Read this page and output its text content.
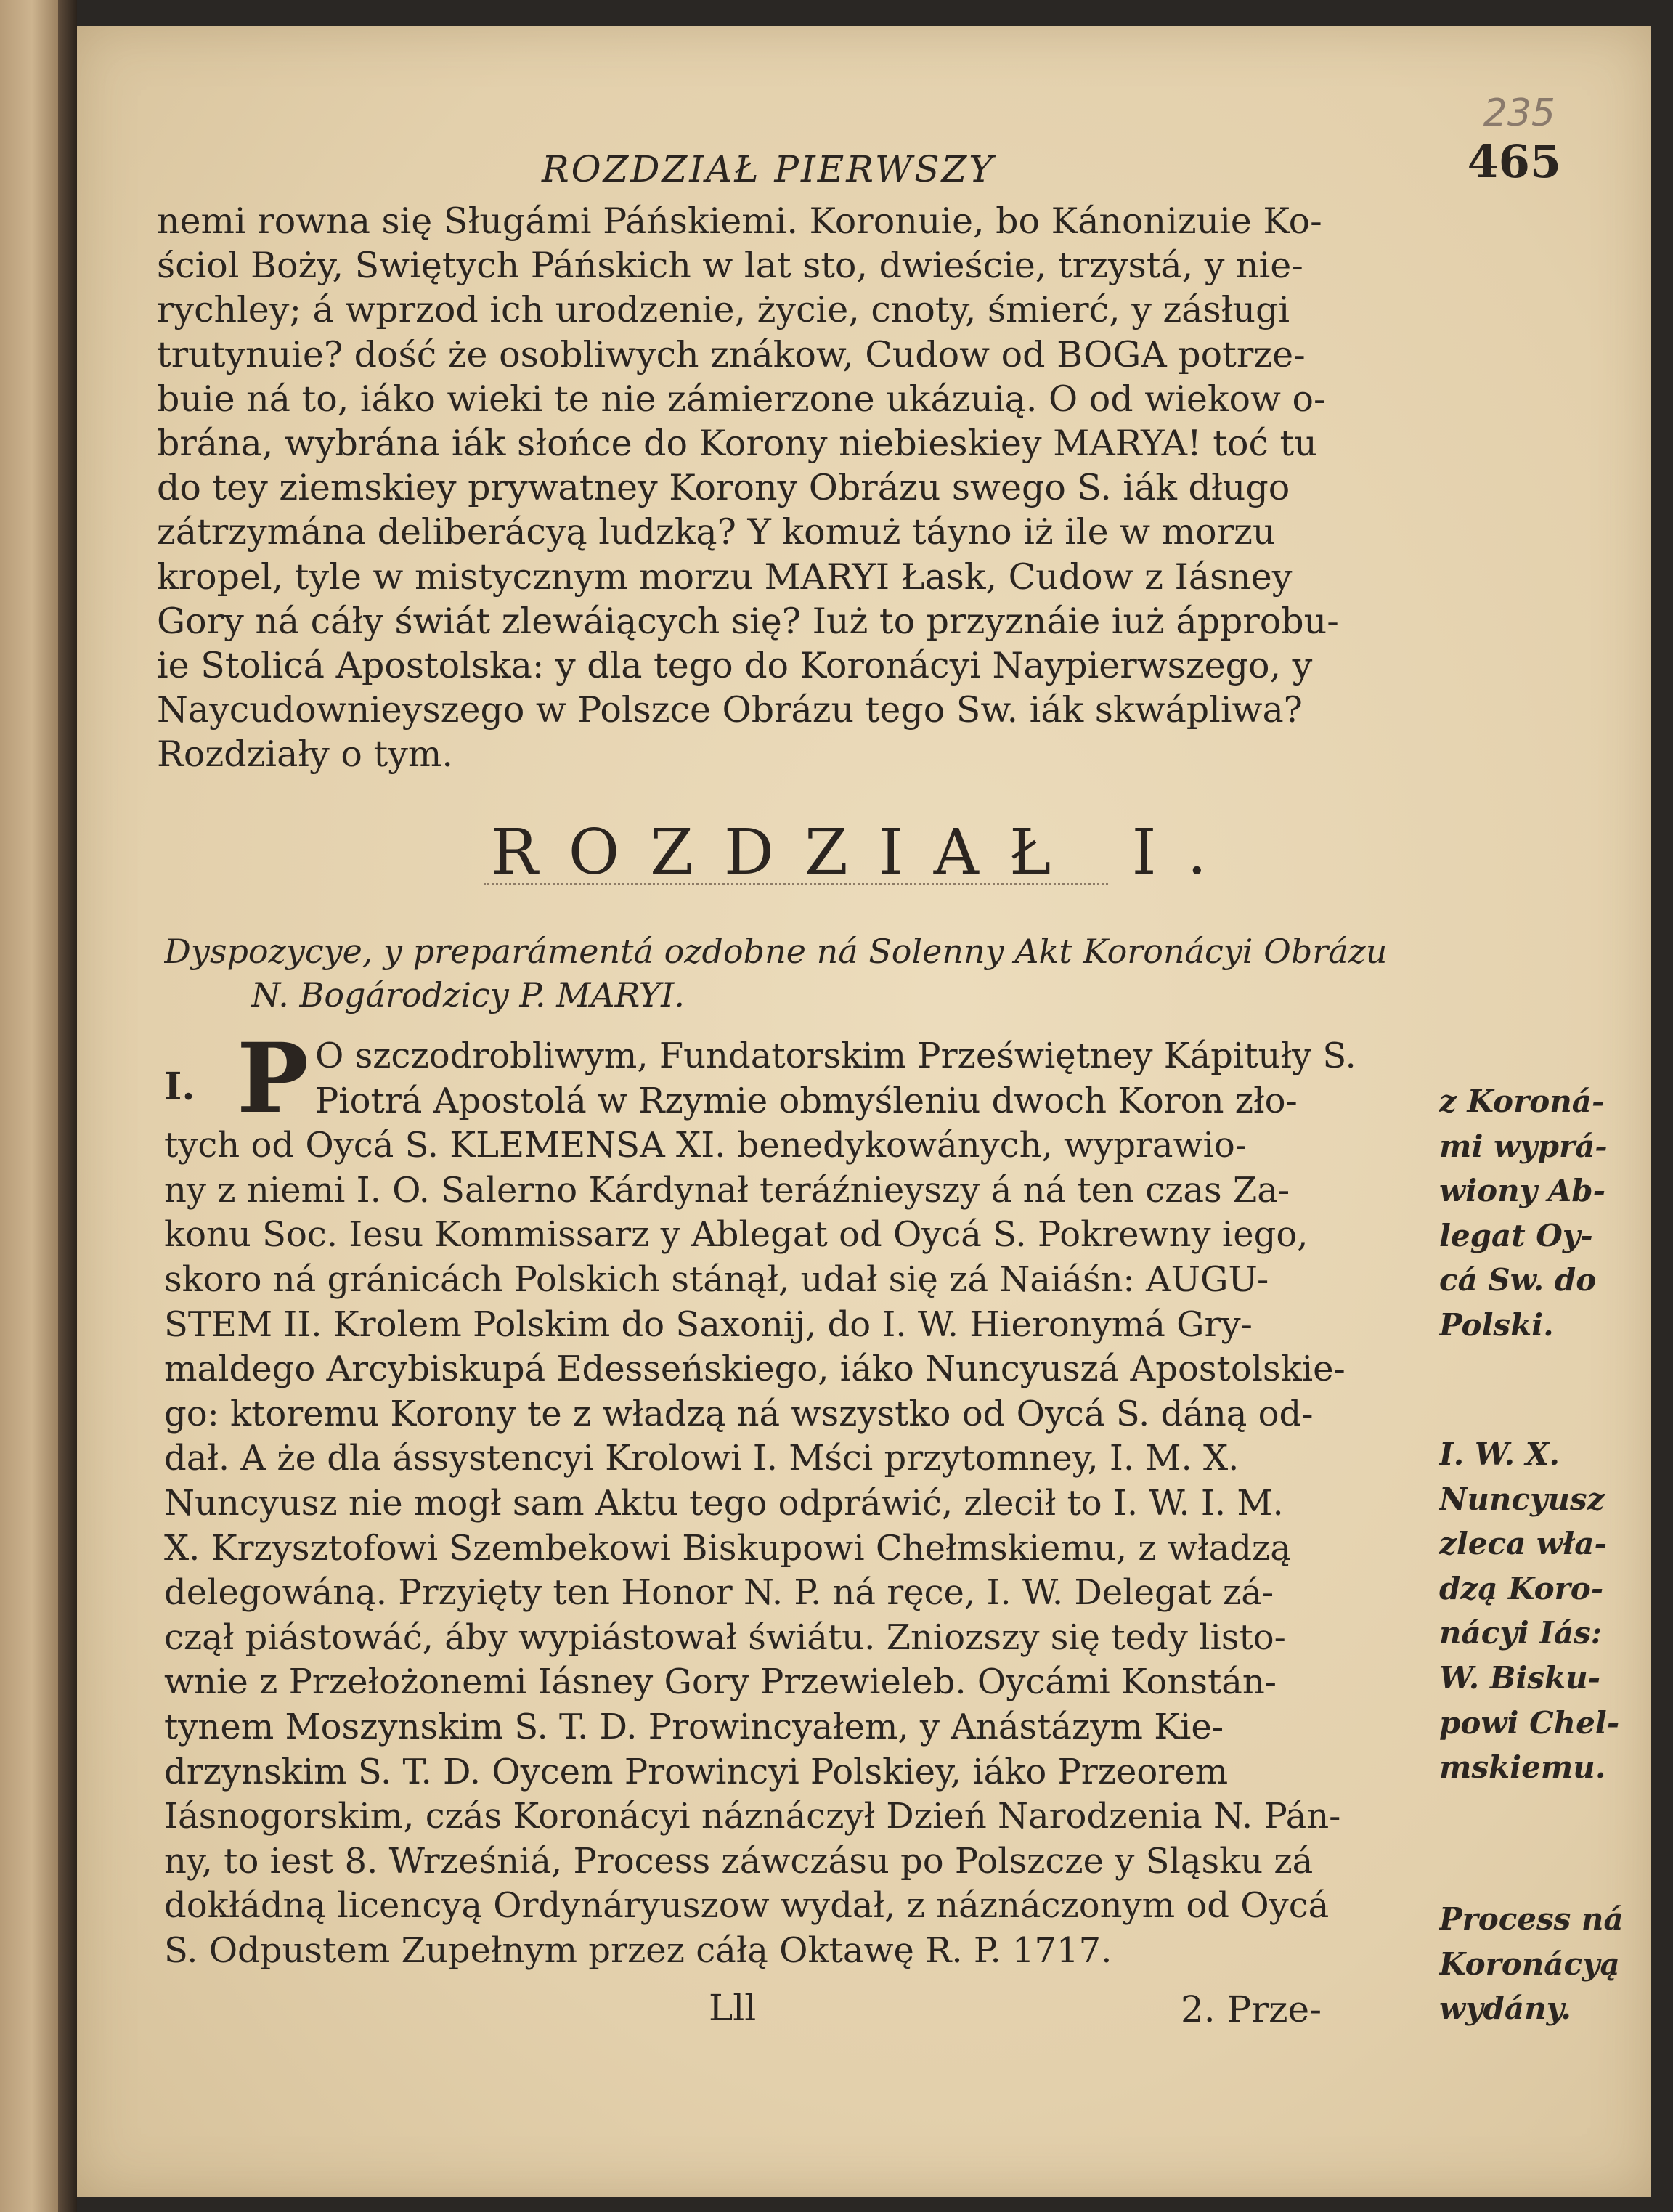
235
ROZDZIAŁ PIERWSZY	465
nemi rowna się Sługámi Páńskiemi. Koronuie, bo Kánonizuie Ko-
ściol Boży, Swiętych Páńskich w lat sto, dwieście, trzystá, y nie-
rychley; á wprzod ich urodzenie, życie, cnoty, śmierć, y zásługi
trutynuie? dość że osobliwych znákow, Cudow od BOGA potrze-
buie ná to, iáko wieki te nie zámierzone ukázuią. O od wiekow o-
brána, wybrána iák słońce do Korony niebieskiey MARYA! toć tu
do tey ziemskiey prywatney Korony Obrázu swego S. iák długo
zátrzymána deliberácyą ludzką? Y komuż táyno iż ile w morzu
kropel, tyle w mistycznym morzu MARYI Łask, Cudow z Iásney
Gory ná cáły świát zlewáiących się? Iuż to przyznáie iuż ápprobu-
ie Stolicá Apostolska: y dla tego do Koronácyi Naypierwszego, y
Naycudownieyszego w Polszce Obrázu tego Sw. iák skwápliwa?
Rozdziały o tym.
ROZDZIAŁ I.
Dyspozycye, y preparámentá ozdobne ná Solenny Akt Koronácyi Obrázu
N. Bogárodzicy P. MARYI.
I. P O szczodrobliwym, Fundatorskim Przeświętney Kápituły S.
Piotrá Apostolá w Rzymie obmyśleniu dwoch Koron zło-
tych od Oycá S. KLEMENSA XI. benedykowánych, wyprawio-
ny z niemi I. O. Salerno Kárdynał teráźnieyszy á ná ten czas Za-
konu Soc. Iesu Kommissarz y Ablegat od Oycá S. Pokrewny iego,
skoro ná gránicách Polskich stánął, udał się zá Naiáśn: AUGU-
STEM II. Krolem Polskim do Saxonij, do I. W. Hieronymá Gry-
maldego Arcybiskupá Edesseńskiego, iáko Nuncyuszá Apostolskie-
go: ktoremu Korony te z władzą ná wszystko od Oycá S. dáną od-
dał. A że dla ássystencyi Krolowi I. Mści przytomney, I. M. X.
Nuncyusz nie mogł sam Aktu tego odpráwić, zlecił to I. W. I. M.
X. Krzysztofowi Szembekowi Biskupowi Chełmskiemu, z władzą
delegowáną. Przyięty ten Honor N. P. ná ręce, I. W. Delegat zá-
czął piástowáć, áby wypiástował świátu. Zniozszy się tedy listo-
wnie z Przełożonemi Iásney Gory Przewieleb. Oycámi Konstán-
tynem Moszynskim S. T. D. Prowincyałem, y Anástázym Kie-
drzynskim S. T. D. Oycem Prowincyi Polskiey, iáko Przeorem
Iásnogorskim, czás Koronácyi náznáczył Dzień Narodzenia N. Pán-
ny, to iest 8. Wrześniá, Process záwczásu po Polszcze y Sląsku zá
dokłádną licencyą Ordynáryuszow wydał, z náznáczonym od Oycá
S. Odpustem Zupełnym przez cáłą Oktawę R. P. 1717.
z Koroná-
mi wyprá-
wiony Ab-
legat Oy-
cá Sw. do
Polski.
I. W. X.
Nuncyusz
zleca wła-
dzą Koro-
nácyi Iás:
W. Bisku-
powi Chel-
mskiemu.
Process ná
Koronácyą
wydány.
Lll	2. Prze-
